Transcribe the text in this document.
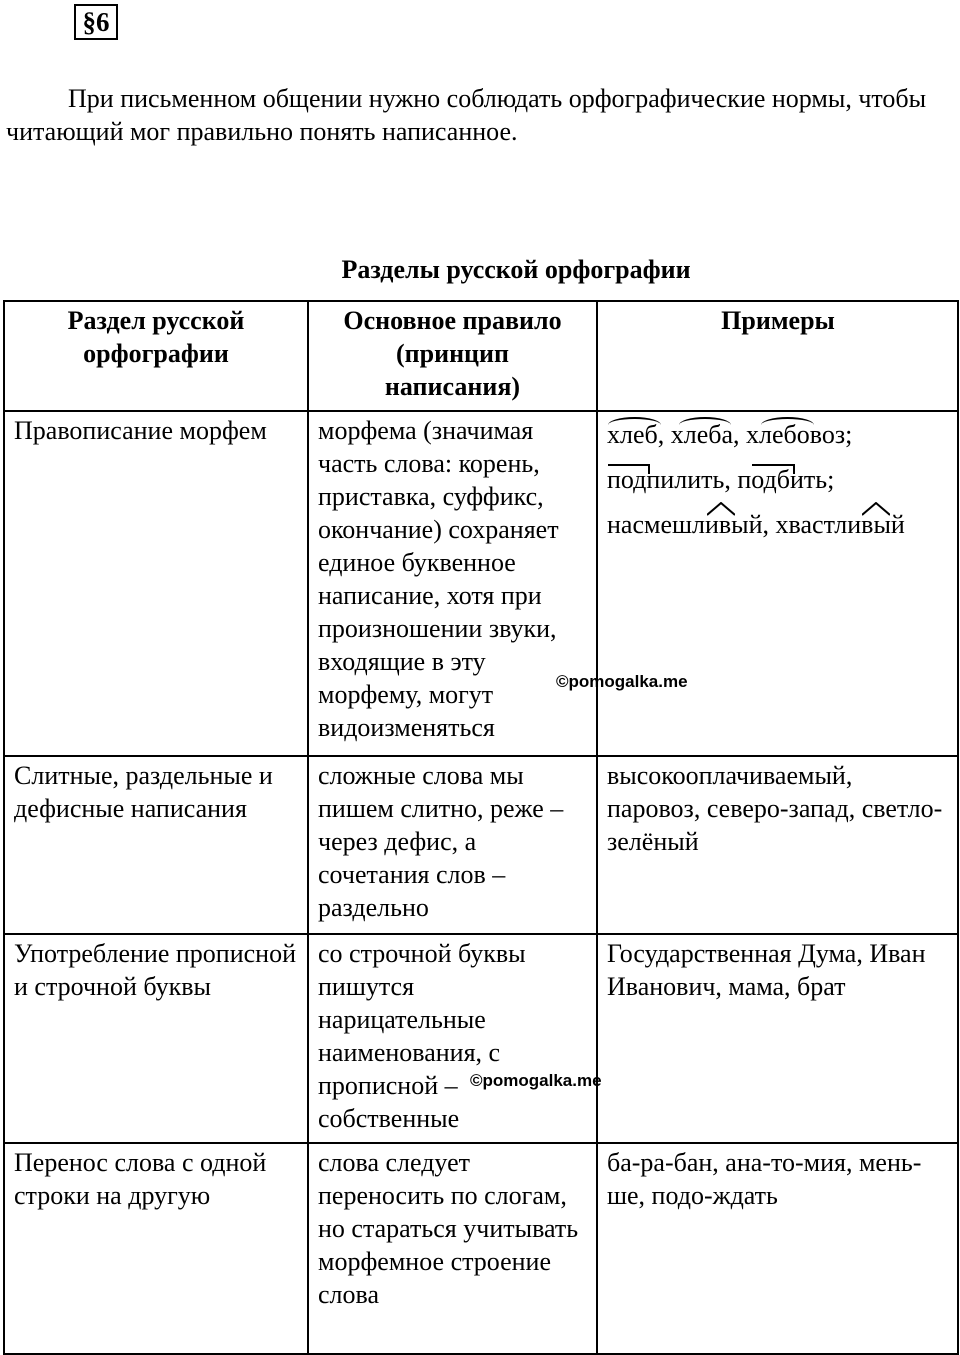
§6

При письменном общении нужно соблюдать орфографические нормы, чтобы читающий мог правильно понять написанное.

Разделы русской орфографии
Раздел русской орфографии	Основное правило (принцип написания)	Примеры
Правописание морфем	морфема (значимая часть слова: корень, приставка, суффикс, окончание) сохраняет единое буквенное написание, хотя при произношении звуки, входящие в эту морфему, могут видоизменяться	хлеб, хлеба, хлебовоз;
подпилить, подбить;
насмешливый, хвастливый

Слитные, раздельные и дефисные написания	сложные слова мы пишем слитно, реже – через дефис, а сочетания слов – раздельно	высокооплачиваемый, паровоз, северо-запад, светло-зелёный
Употребление прописной и строчной буквы	со строчной буквы пишутся нарицательные наименования, с прописной – собственные	Государственная Дума, Иван Иванович, мама, брат
Перенос слова с одной строки на другую	слова следует переносить по слогам, но стараться учитывать морфемное строение слова	ба-ра-бан, ана-то-мия, мень-ше, подо-ждать
©pomogalka.me
©pomogalka.me
